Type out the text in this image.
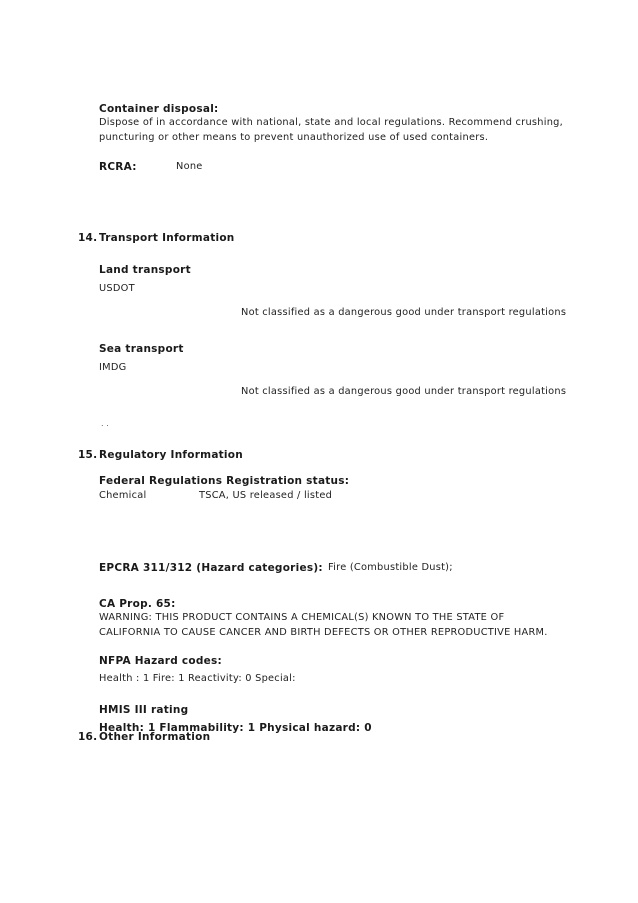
Container disposal:
Dispose of in accordance with national, state and local regulations. Recommend crushing,
puncturing or other means to prevent unauthorized use of used containers.
RCRA:	None
14. Transport Information
Land transport
USDOT
Not classified as a dangerous good under transport regulations
Sea transport
IMDG
Not classified as a dangerous good under transport regulations
. .
15. Regulatory Information
Federal Regulations Registration status:
Chemical	TSCA, US released / listed
EPCRA 311/312 (Hazard categories): Fire (Combustible Dust);
CA Prop. 65:
WARNING: THIS PRODUCT CONTAINS A CHEMICAL(S) KNOWN TO THE STATE OF
CALIFORNIA TO CAUSE CANCER AND BIRTH DEFECTS OR OTHER REPRODUCTIVE HARM.
NFPA Hazard codes:
Health : 1 Fire: 1 Reactivity: 0 Special:
HMIS III rating
Health: 1 Flammability: 1 Physical hazard: 0
16. Other Information
